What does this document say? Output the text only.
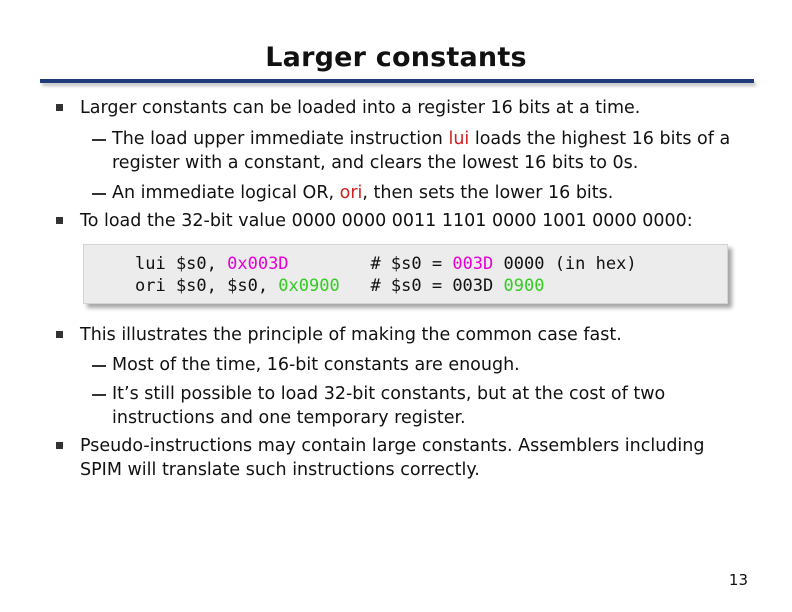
Larger constants
Larger constants can be loaded into a register 16 bits at a time.
The load upper immediate instruction lui loads the highest 16 bits of a register with a constant, and clears the lowest 16 bits to 0s.
An immediate logical OR, ori, then sets the lower 16 bits.
To load the 32-bit value 0000 0000 0011 1101 0000 1001 0000 0000:
lui $s0, 0x003D	# $s0 = 003D 0000 (in hex)
ori $s0, $s0, 0x0900 # $s0 = 003D 0900
This illustrates the principle of making the common case fast.
Most of the time, 16-bit constants are enough.
It’s still possible to load 32-bit constants, but at the cost of two instructions and one temporary register.
Pseudo-instructions may contain large constants. Assemblers including SPIM will translate such instructions correctly.
13
